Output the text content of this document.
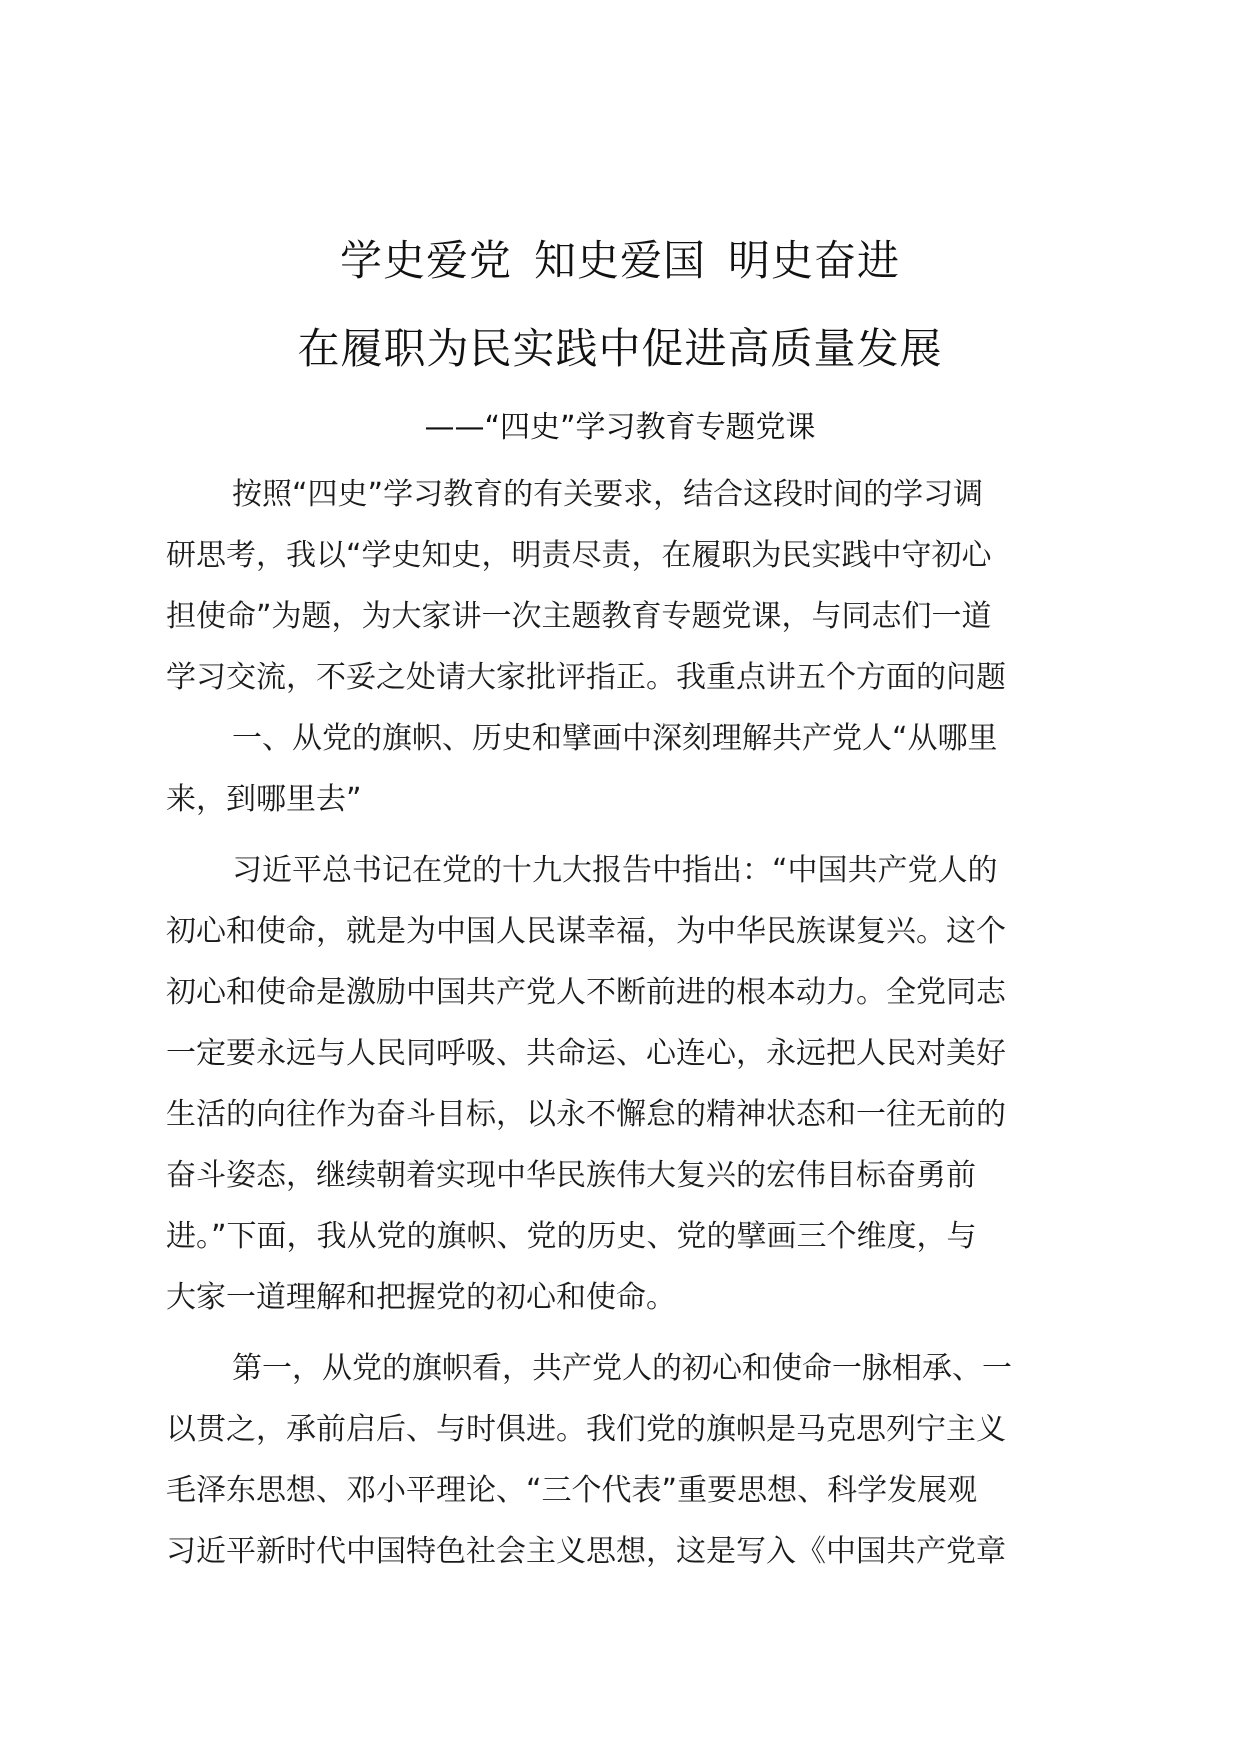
学史爱党 知史爱国 明史奋进
在履职为民实践中促进高质量发展
——“四史”学习教育专题党课
按照“四史”学习教育的有关要求，结合这段时间的学习调
研思考，我以“学史知史，明责尽责，在履职为民实践中守初心
担使命”为题，为大家讲一次主题教育专题党课，与同志们一道
学习交流，不妥之处请大家批评指正。我重点讲五个方面的问题
一、从党的旗帜、历史和擘画中深刻理解共产党人“从哪里
来，到哪里去”
习近平总书记在党的十九大报告中指出：“中国共产党人的
初心和使命，就是为中国人民谋幸福，为中华民族谋复兴。这个
初心和使命是激励中国共产党人不断前进的根本动力。全党同志
一定要永远与人民同呼吸、共命运、心连心，永远把人民对美好
生活的向往作为奋斗目标，以永不懈怠的精神状态和一往无前的
奋斗姿态，继续朝着实现中华民族伟大复兴的宏伟目标奋勇前
进。”下面，我从党的旗帜、党的历史、党的擘画三个维度，与
大家一道理解和把握党的初心和使命。
第一，从党的旗帜看，共产党人的初心和使命一脉相承、一
以贯之，承前启后、与时俱进。我们党的旗帜是马克思列宁主义
毛泽东思想、邓小平理论、“三个代表”重要思想、科学发展观
习近平新时代中国特色社会主义思想，这是写入《中国共产党章
